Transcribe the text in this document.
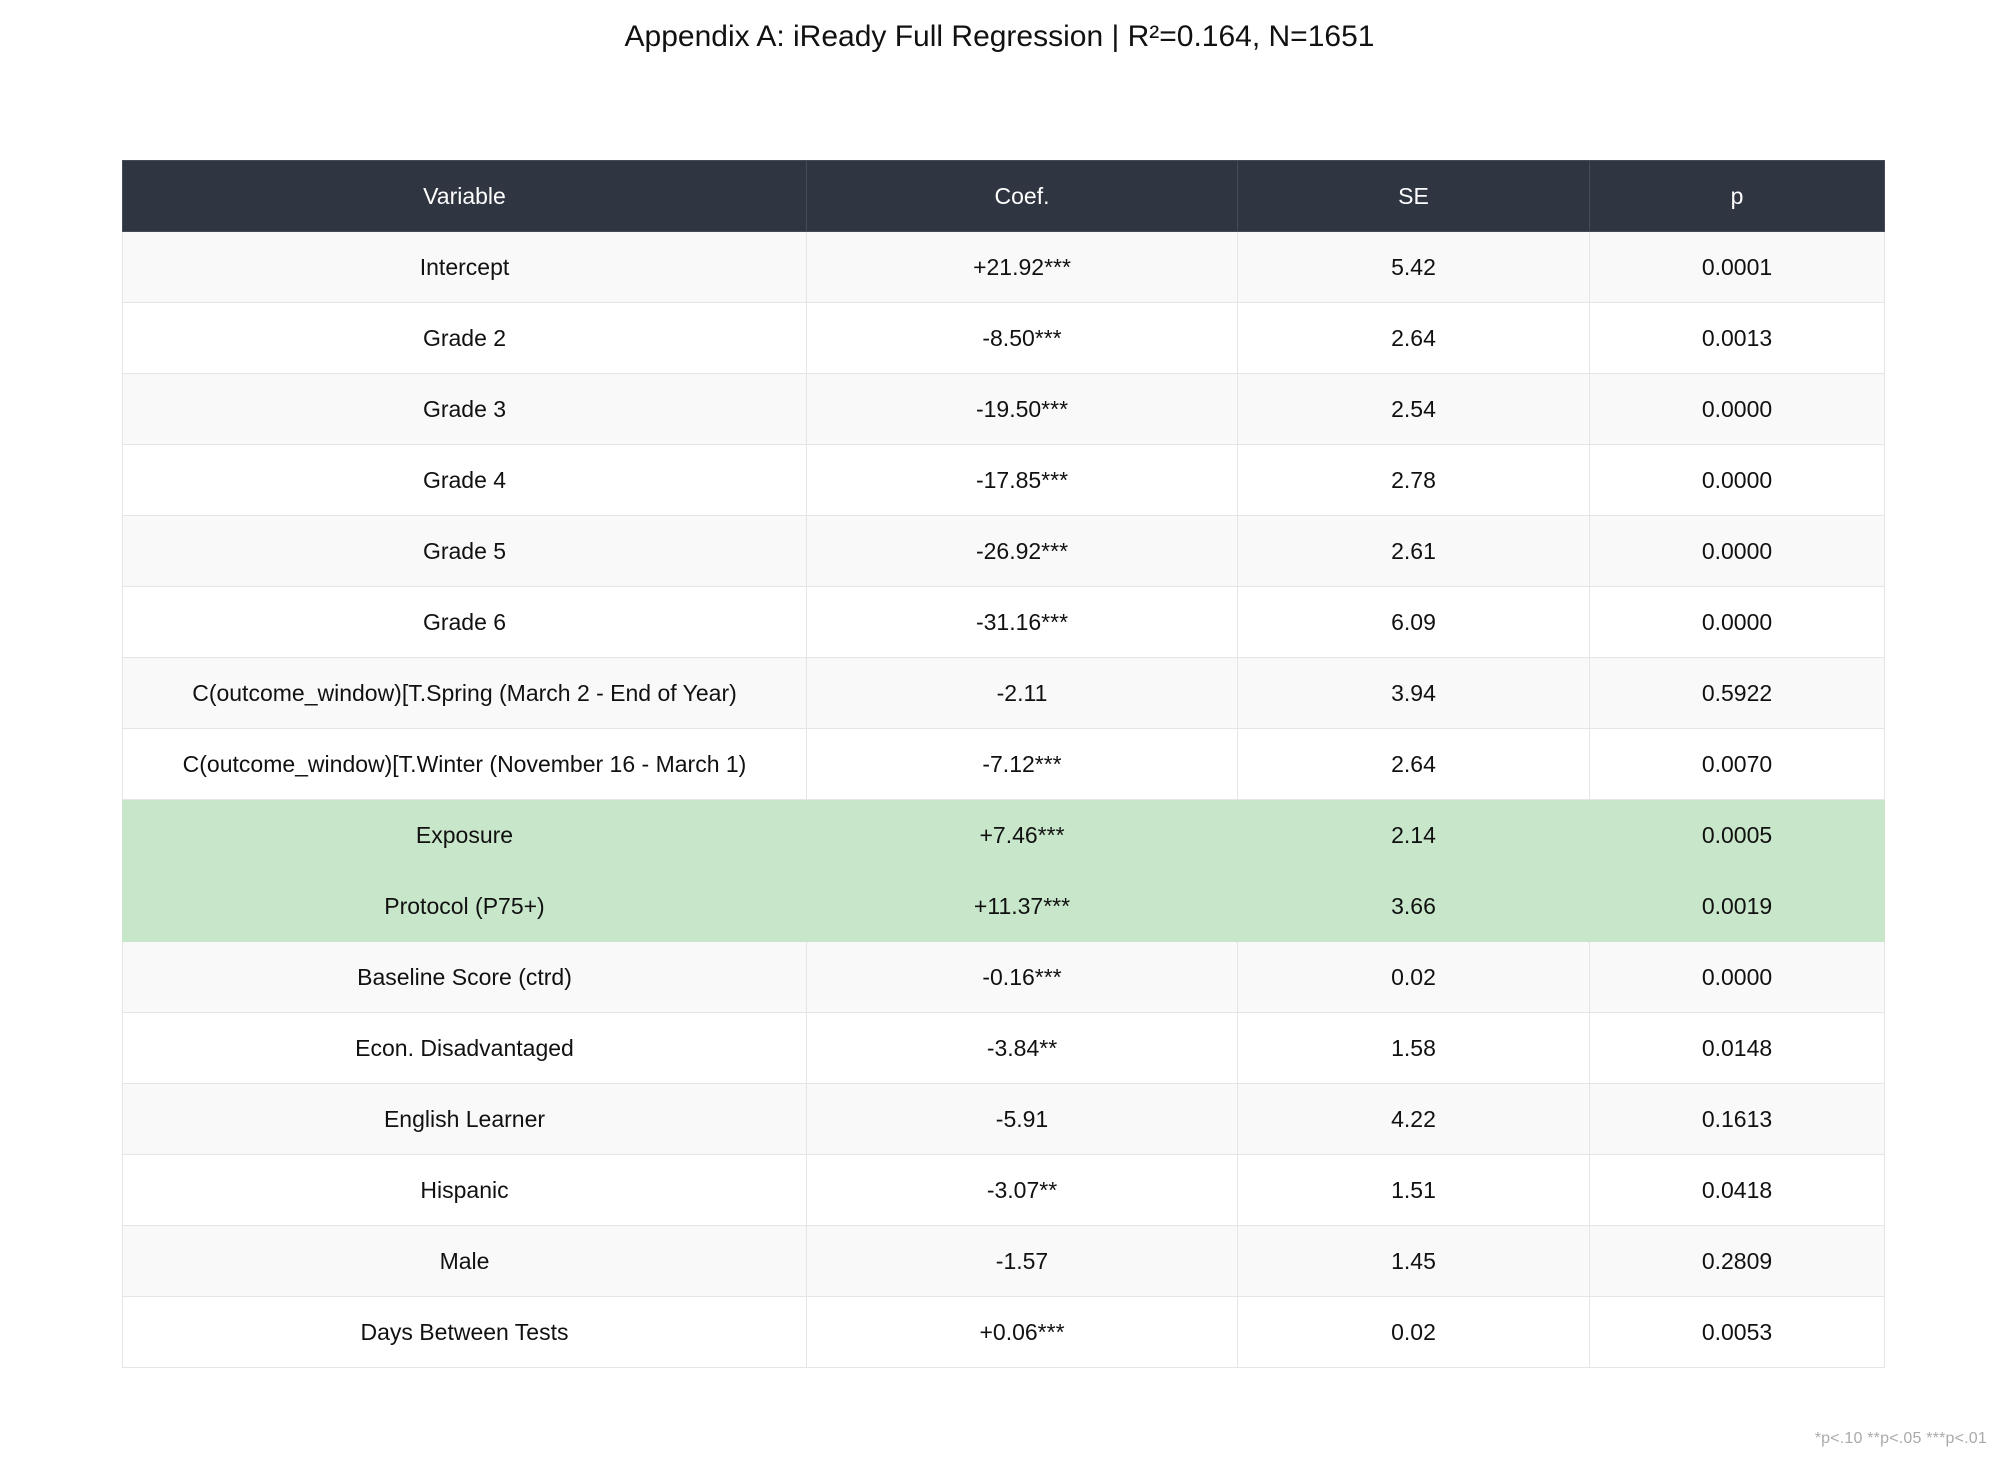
Appendix A: iReady Full Regression | R²=0.164, N=1651
Variable	Coef.	SE	p
Intercept	+21.92***	5.42	0.0001
Grade 2	-8.50***	2.64	0.0013
Grade 3	-19.50***	2.54	0.0000
Grade 4	-17.85***	2.78	0.0000
Grade 5	-26.92***	2.61	0.0000
Grade 6	-31.16***	6.09	0.0000
C(outcome_window)[T.Spring (March 2 - End of Year)	-2.11	3.94	0.5922
C(outcome_window)[T.Winter (November 16 - March 1)	-7.12***	2.64	0.0070
Exposure	+7.46***	2.14	0.0005
Protocol (P75+)	+11.37***	3.66	0.0019
Baseline Score (ctrd)	-0.16***	0.02	0.0000
Econ. Disadvantaged	-3.84**	1.58	0.0148
English Learner	-5.91	4.22	0.1613
Hispanic	-3.07**	1.51	0.0418
Male	-1.57	1.45	0.2809
Days Between Tests	+0.06***	0.02	0.0053
*p<.10 **p<.05 ***p<.01
